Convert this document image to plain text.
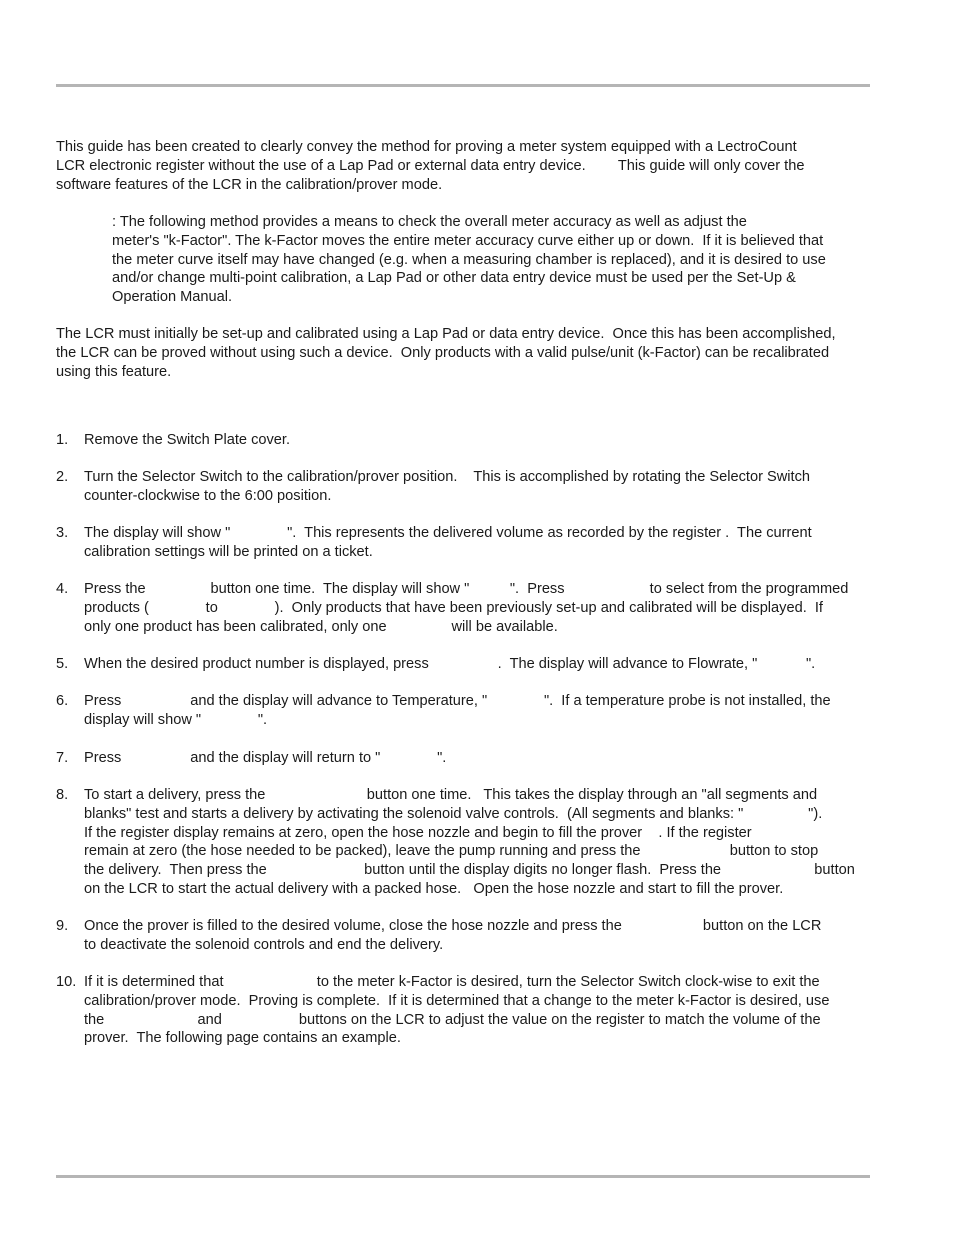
This guide has been created to clearly convey the method for proving a meter system equipped with a LectroCount
LCR electronic register without the use of a Lap Pad or external data entry device.        This guide will only cover the
software features of the LCR in the calibration/prover mode.
: The following method provides a means to check the overall meter accuracy as well as adjust the
meter's "k-Factor". The k-Factor moves the entire meter accuracy curve either up or down.  If it is believed that
the meter curve itself may have changed (e.g. when a measuring chamber is replaced), and it is desired to use
and/or change multi-point calibration, a Lap Pad or other data entry device must be used per the Set-Up &
Operation Manual.
The LCR must initially be set-up and calibrated using a Lap Pad or data entry device.  Once this has been accomplished,
the LCR can be proved without using such a device.  Only products with a valid pulse/unit (k-Factor) can be recalibrated
using this feature.
1.	Remove the Switch Plate cover.
2.	Turn the Selector Switch to the calibration/prover position.    This is accomplished by rotating the Selector Switch
counter-clockwise to the 6:00 position.
3.	The display will show "              ".  This represents the delivered volume as recorded by the register .  The current
calibration settings will be printed on a ticket.
4.	Press the                button one time.  The display will show "          ".  Press                     to select from the programmed
products (              to              ).  Only products that have been previously set-up and calibrated will be displayed.  If
only one product has been calibrated, only one                will be available.
5.	When the desired product number is displayed, press                 .  The display will advance to Flowrate, "            ".
6.	Press                 and the display will advance to Temperature, "              ".  If a temperature probe is not installed, the
display will show "              ".
7.	Press                 and the display will return to "              ".
8.	To start a delivery, press the                         button one time.   This takes the display through an "all segments and
blanks" test and starts a delivery by activating the solenoid valve controls.  (All segments and blanks: "                ").
If the register display remains at zero, open the hose nozzle and begin to fill the prover    . If the register
remain at zero (the hose needed to be packed), leave the pump running and press the                      button to stop
the delivery.  Then press the                        button until the display digits no longer flash.  Press the                       button
on the LCR to start the actual delivery with a packed hose.   Open the hose nozzle and start to fill the prover.
9.	Once the prover is filled to the desired volume, close the hose nozzle and press the                    button on the LCR
to deactivate the solenoid controls and end the delivery.
10. If it is determined that                       to the meter k-Factor is desired, turn the Selector Switch clock-wise to exit the
calibration/prover mode.  Proving is complete.  If it is determined that a change to the meter k-Factor is desired, use
the                       and                   buttons on the LCR to adjust the value on the register to match the volume of the
prover.  The following page contains an example.
